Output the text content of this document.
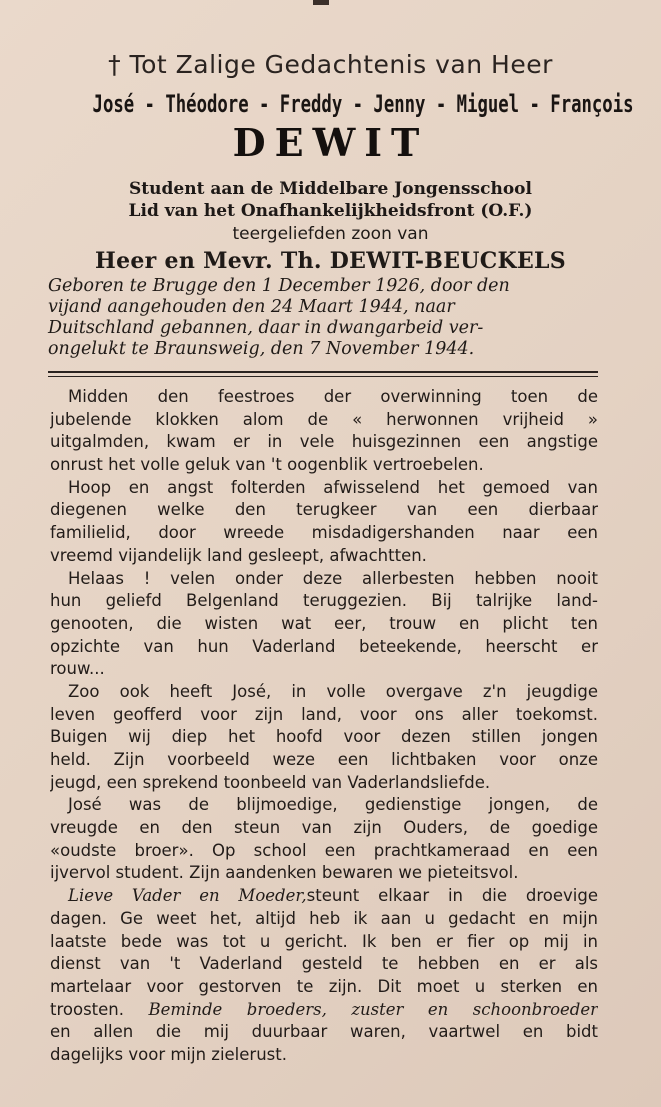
† Tot Zalige Gedachtenis van Heer

José - Théodore - Freddy - Jenny - Miguel - François

DEWIT

Student aan de Middelbare Jongensschool

Lid van het Onafhankelijkheidsfront (O.F.)

teergeliefden zoon van

Heer en Mevr. Th. DEWIT-BEUCKELS

Geboren te Brugge den 1 December 1926, door den
vijand aangehouden den 24 Maart 1944, naar
Duitschland gebannen, daar in dwangarbeid ver-
ongelukt te Braunsweig, den 7 November 1944.
Midden den feestroes der overwinning toen de
jubelende klokken alom de « herwonnen vrijheid »
uitgalmden, kwam er in vele huisgezinnen een angstige
onrust het volle geluk van 't oogenblik vertroebelen.
Hoop en angst folterden afwisselend het gemoed van
diegenen welke den terugkeer van een dierbaar
familielid, door wreede misdadigershanden naar een
vreemd vijandelijk land gesleept, afwachtten.
Helaas ! velen onder deze allerbesten hebben nooit
hun geliefd Belgenland teruggezien. Bij talrijke land-
genooten, die wisten wat eer, trouw en plicht ten
opzichte van hun Vaderland beteekende, heerscht er
rouw...
Zoo ook heeft José, in volle overgave z'n jeugdige
leven geofferd voor zijn land, voor ons aller toekomst.
Buigen wij diep het hoofd voor dezen stillen jongen
held. Zijn voorbeeld weze een lichtbaken voor onze
jeugd, een sprekend toonbeeld van Vaderlandsliefde.
José was de blijmoedige, gedienstige jongen, de
vreugde en den steun van zijn Ouders, de goedige
«oudste broer». Op school een prachtkameraad en een
ijvervol student. Zijn aandenken bewaren we pieteitsvol.
Lieve Vader en Moeder,steunt elkaar in die droevige
dagen. Ge weet het, altijd heb ik aan u gedacht en mijn
laatste bede was tot u gericht. Ik ben er fier op mij in
dienst van 't Vaderland gesteld te hebben en er als
martelaar voor gestorven te zijn. Dit moet u sterken en
troosten. Beminde broeders, zuster en schoonbroeder
en allen die mij duurbaar waren, vaartwel en bidt
dagelijks voor mijn zielerust.
